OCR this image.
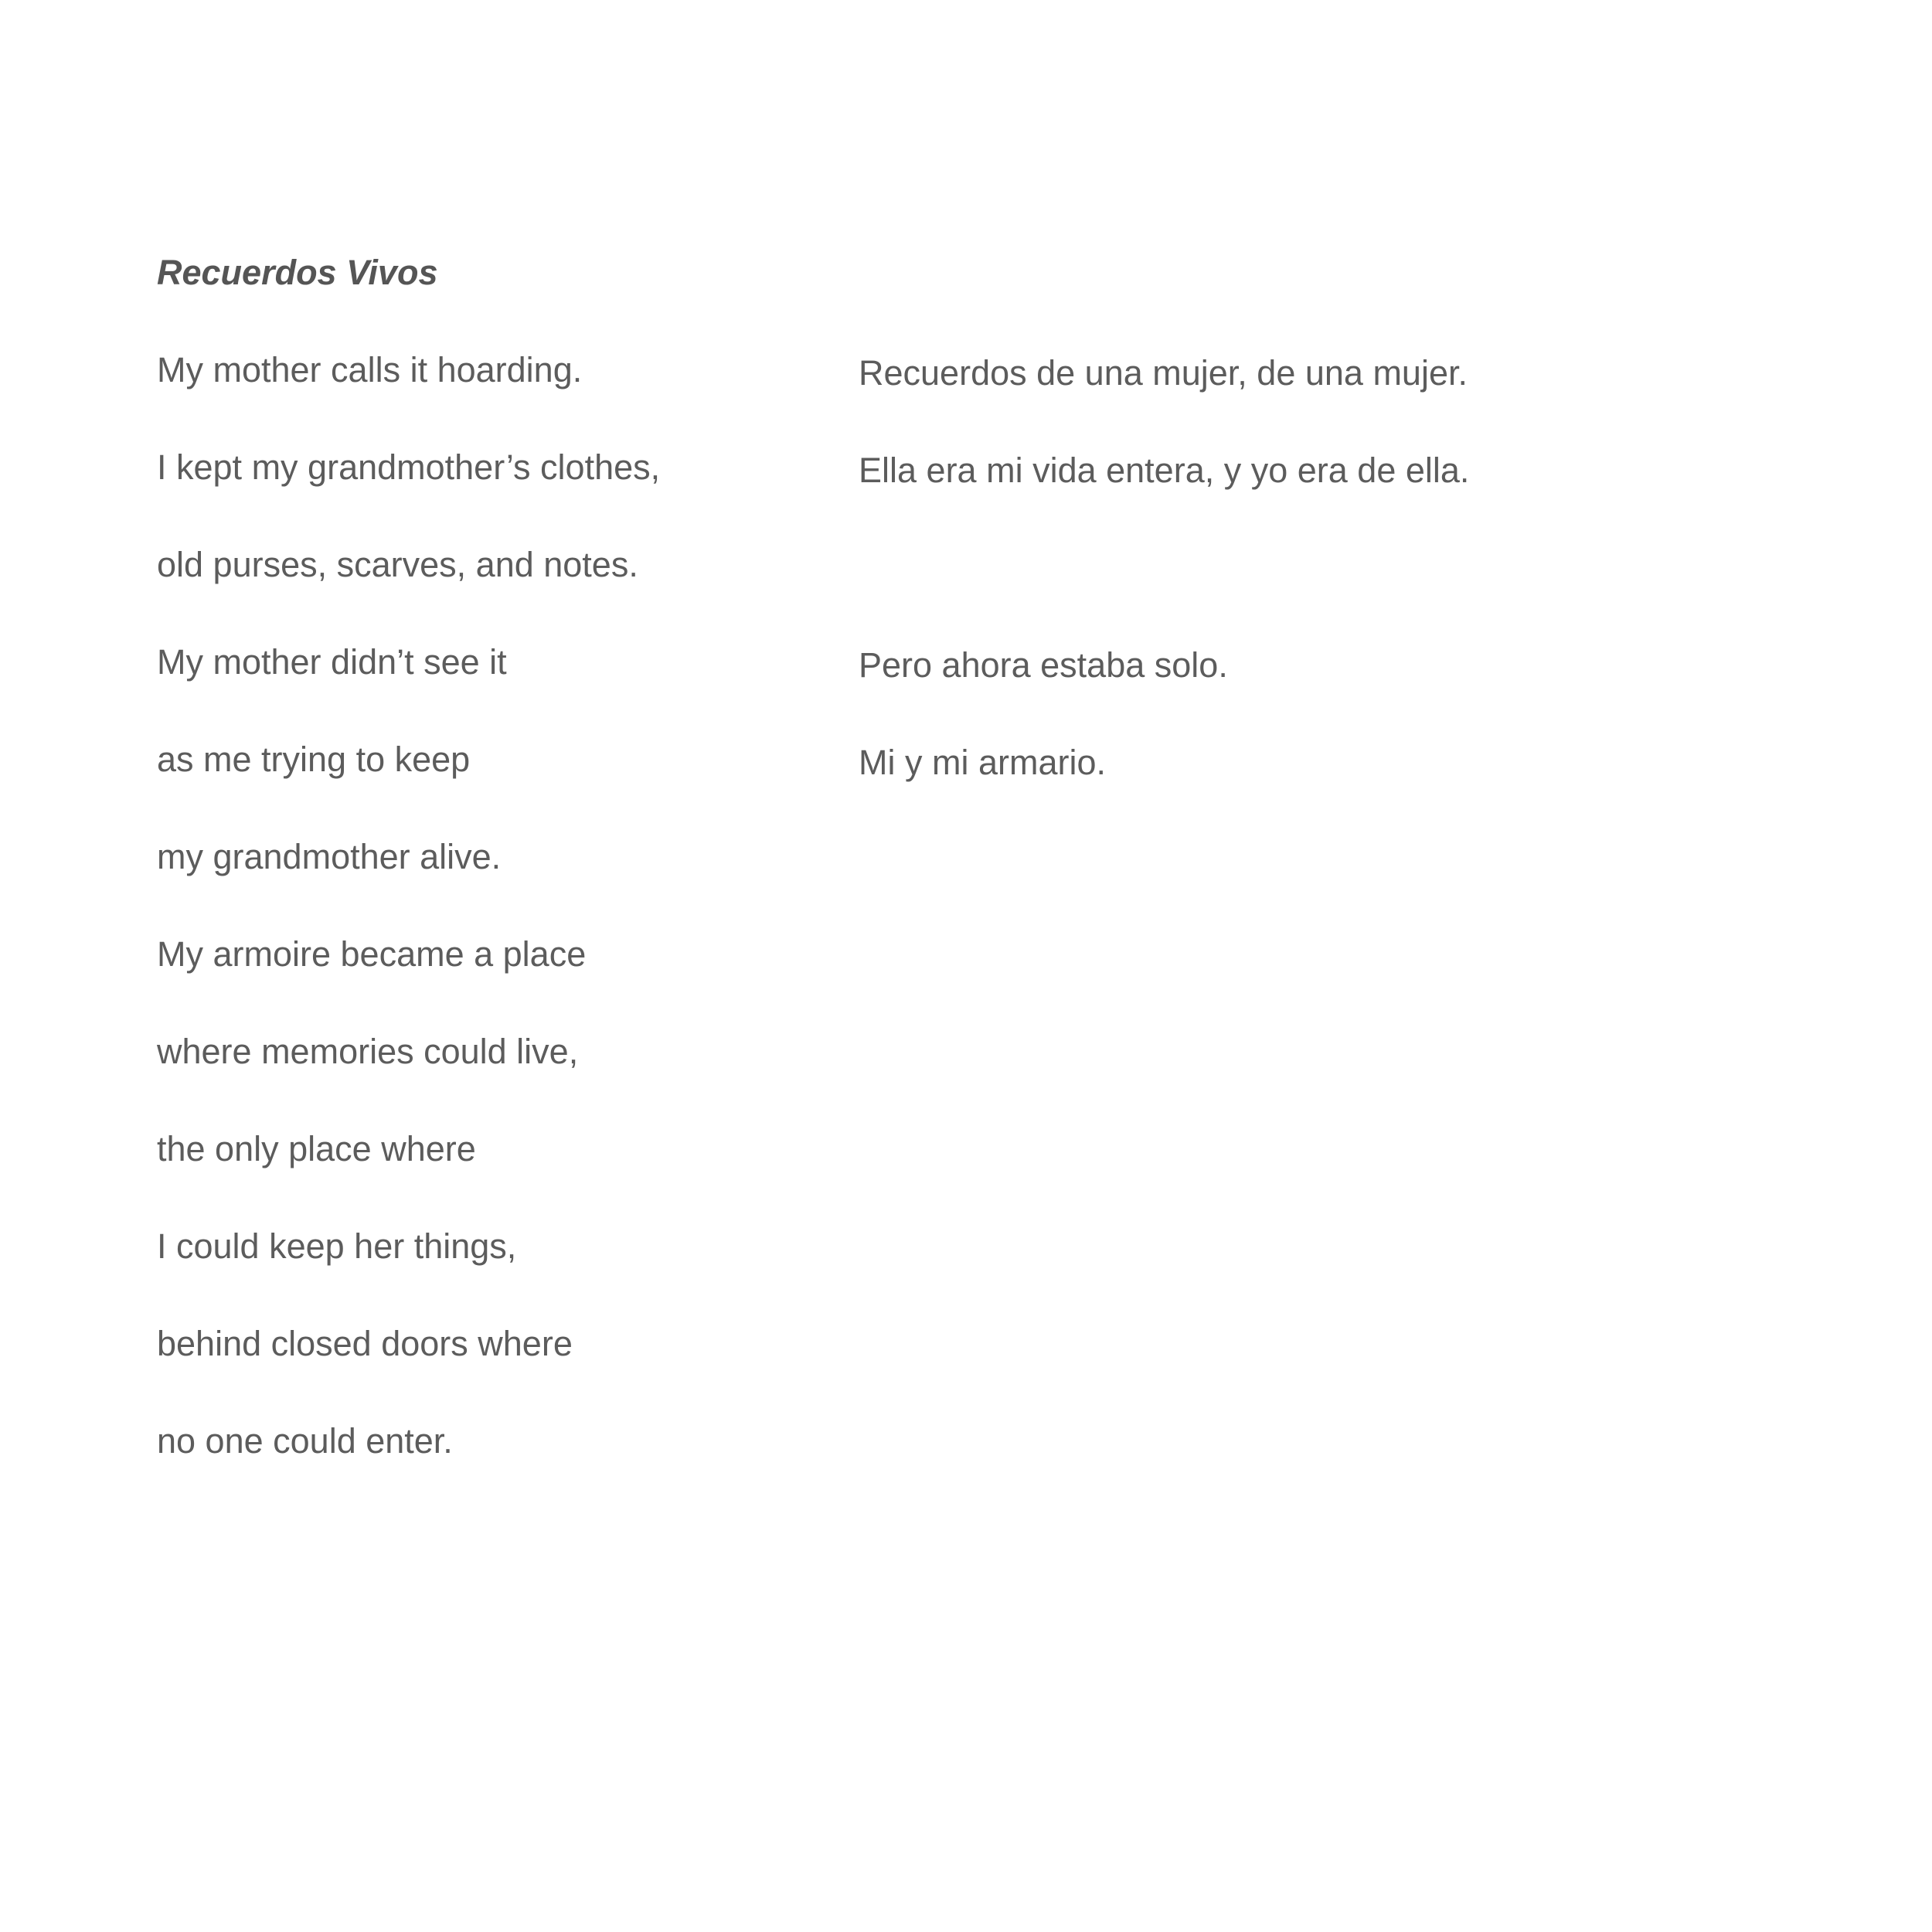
Recuerdos Vivos
My mother calls it hoarding.
I kept my grandmother’s clothes,
old purses, scarves, and notes.
My mother didn’t see it
as me trying to keep
my grandmother alive.
My armoire became a place
where memories could live,
the only place where
I could keep her things,
behind closed doors where
no one could enter.
Recuerdos de una mujer, de una mujer.
Ella era mi vida entera, y yo era de ella.
Pero ahora estaba solo.
Mi y mi armario.
